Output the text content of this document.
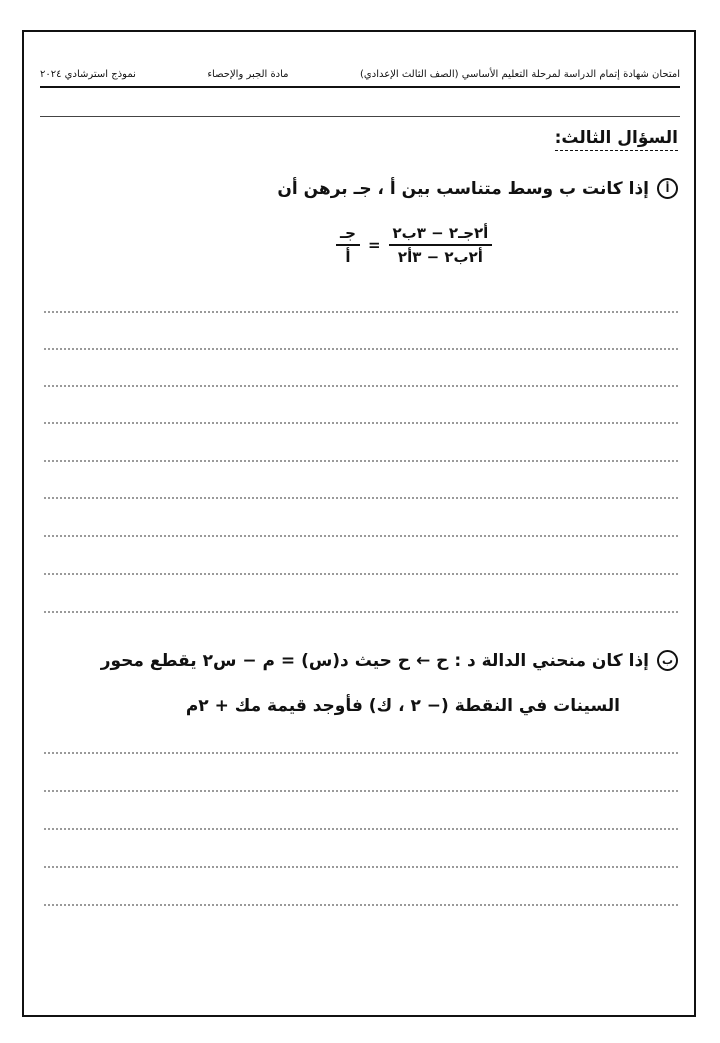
امتحان شهادة إتمام الدراسة لمرحلة التعليم الأساسي (الصف الثالث الإعدادي)
مادة الجبر والإحصاء
نموذج استرشادي ٢٠٢٤
السؤال الثالث:
أ
إذا كانت ب وسط متناسب بين أ ، جـ برهن أن
$\frac{\text{جـ}}{\text{أ}} = \frac{\text{أ٢جـ٢ − ٣ب٢}}{\text{أ٢ب٢ − ٣أ٢}}$
ب
إذا كان منحني الدالة د : ح ← ح حيث د(س) = م − س٢ يقطع محور
السينات في النقطة (− ٢ ، ك) فأوجد قيمة مك + ٢م
